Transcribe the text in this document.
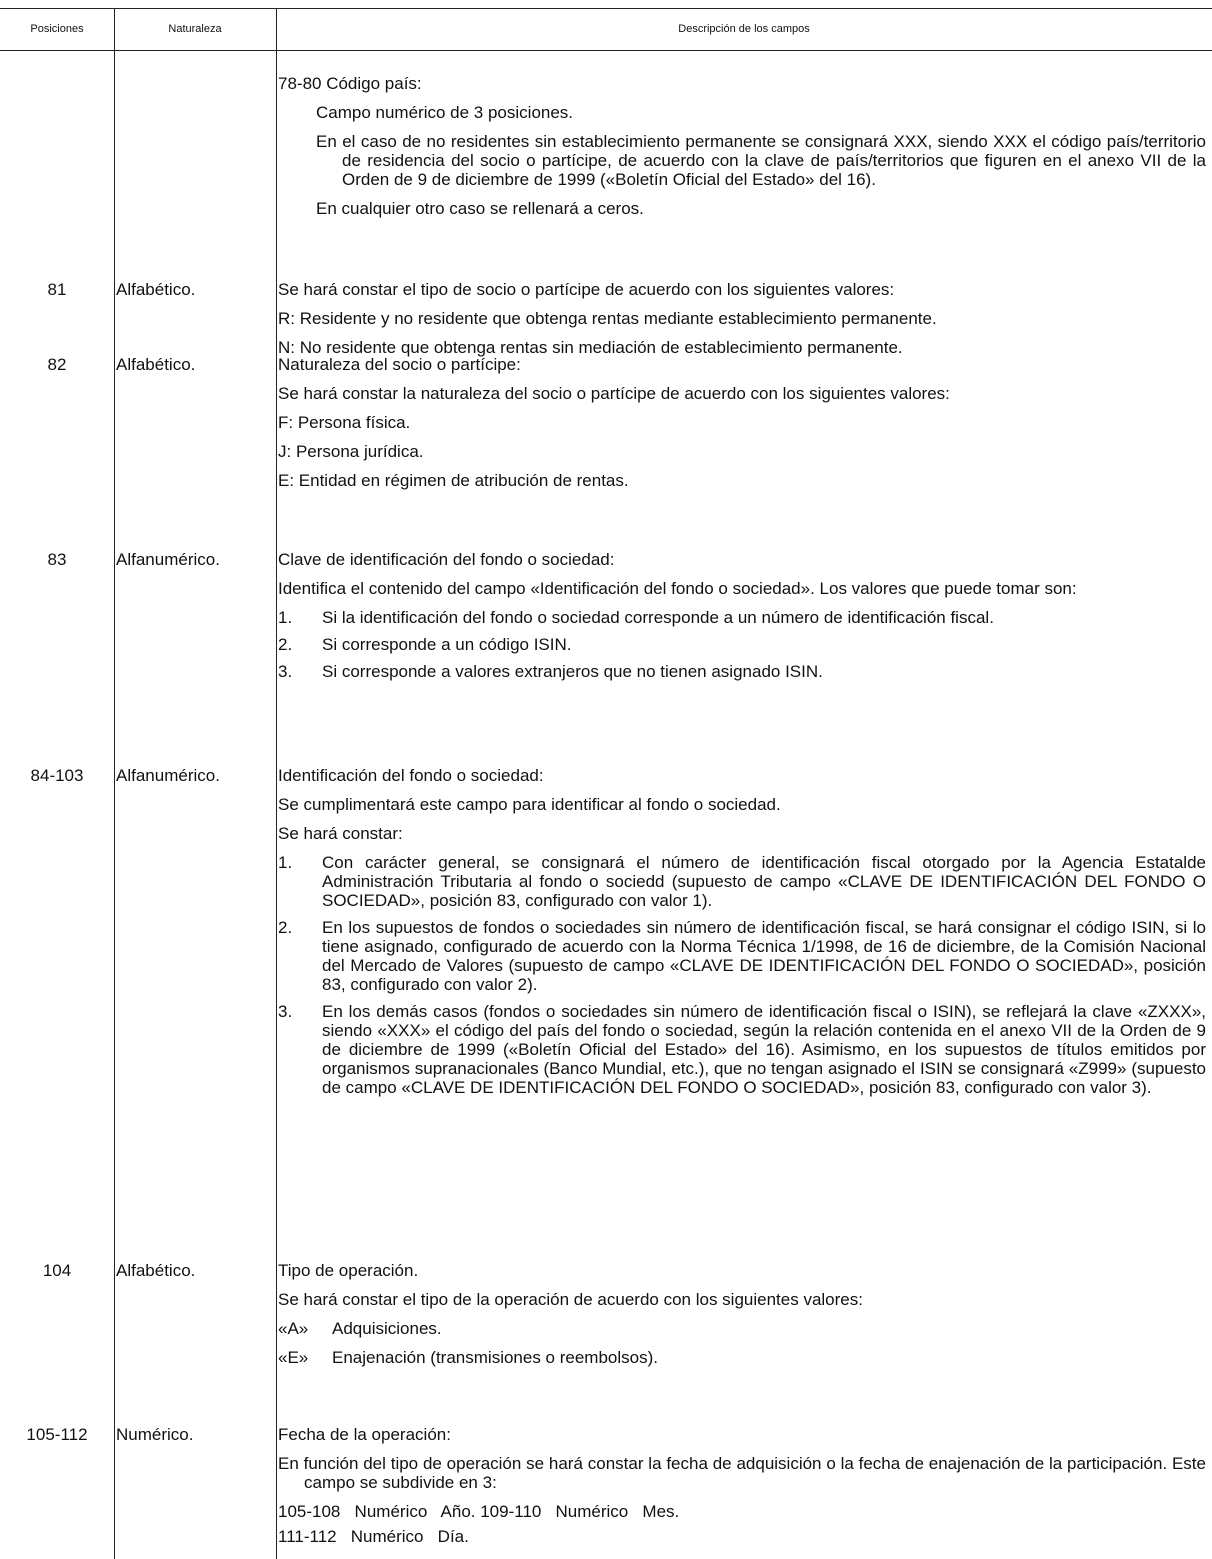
Posiciones	Naturaleza	Descripción de los campos

78-80 Código país:

Campo numérico de 3 posiciones.

En el caso de no residentes sin establecimiento permanente se consignará XXX, siendo XXX el código país/territorio de residencia del socio o partícipe, de acuerdo con la clave de país/territorios que figuren en el anexo VII de la Orden de 9 de diciembre de 1999 («Boletín Oficial del Estado» del 16).

En cualquier otro caso se rellenará a ceros.

81	Alfabético.	Se hará constar el tipo de socio o partícipe de acuerdo con los siguientes valores:

R: Residente y no residente que obtenga rentas mediante establecimiento permanente.

N: No residente que obtenga rentas sin mediación de establecimiento permanente.

82	Alfabético.	Naturaleza del socio o partícipe:

Se hará constar la naturaleza del socio o partícipe de acuerdo con los siguientes valores:

F: Persona física.

J: Persona jurídica.

E: Entidad en régimen de atribución de rentas.

83	Alfanumérico.	Clave de identificación del fondo o sociedad:

Identifica el contenido del campo «Identificación del fondo o sociedad». Los valores que puede tomar son:

1.	Si la identificación del fondo o sociedad corresponde a un número de identificación fiscal.
2.	Si corresponde a un código ISIN.
3.	Si corresponde a valores extranjeros que no tienen asignado ISIN.
84-103	Alfanumérico.	Identificación del fondo o sociedad:

Se cumplimentará este campo para identificar al fondo o sociedad.

Se hará constar:

1.	Con carácter general, se consignará el número de identificación fiscal otorgado por la Agencia Estatalde Administración Tributaria al fondo o sociedd (supuesto de campo «CLAVE DE IDENTIFICACIÓN DEL FONDO O SOCIEDAD», posición 83, configurado con valor 1).
2.	En los supuestos de fondos o sociedades sin número de identificación fiscal, se hará consignar el código ISIN, si lo tiene asignado, configurado de acuerdo con la Norma Técnica 1/1998, de 16 de diciembre, de la Comisión Nacional del Mercado de Valores (supuesto de campo «CLAVE DE IDENTIFICACIÓN DEL FONDO O SOCIEDAD», posición 83, configurado con valor 2).
3.	En los demás casos (fondos o sociedades sin número de identificación fiscal o ISIN), se reflejará la clave «ZXXX», siendo «XXX» el código del país del fondo o sociedad, según la relación contenida en el anexo VII de la Orden de 9 de diciembre de 1999 («Boletín Oficial del Estado» del 16). Asimismo, en los supuestos de títulos emitidos por organismos supranacionales (Banco Mundial, etc.), que no tengan asignado el ISIN se consignará «Z999» (supuesto de campo «CLAVE DE IDENTIFICACIÓN DEL FONDO O SOCIEDAD», posición 83, configurado con valor 3).
104	Alfabético.	Tipo de operación.

Se hará constar el tipo de la operación de acuerdo con los siguientes valores:

«A»	Adquisiciones.
«E»	Enajenación (transmisiones o reembolsos).
105-112	Numérico.	Fecha de la operación:

En función del tipo de operación se hará constar la fecha de adquisición o la fecha de enajenación de la participación. Este campo se subdivide en 3:

105-108   Numérico   Año. 109-110   Numérico   Mes.
111-112   Numérico   Día.
